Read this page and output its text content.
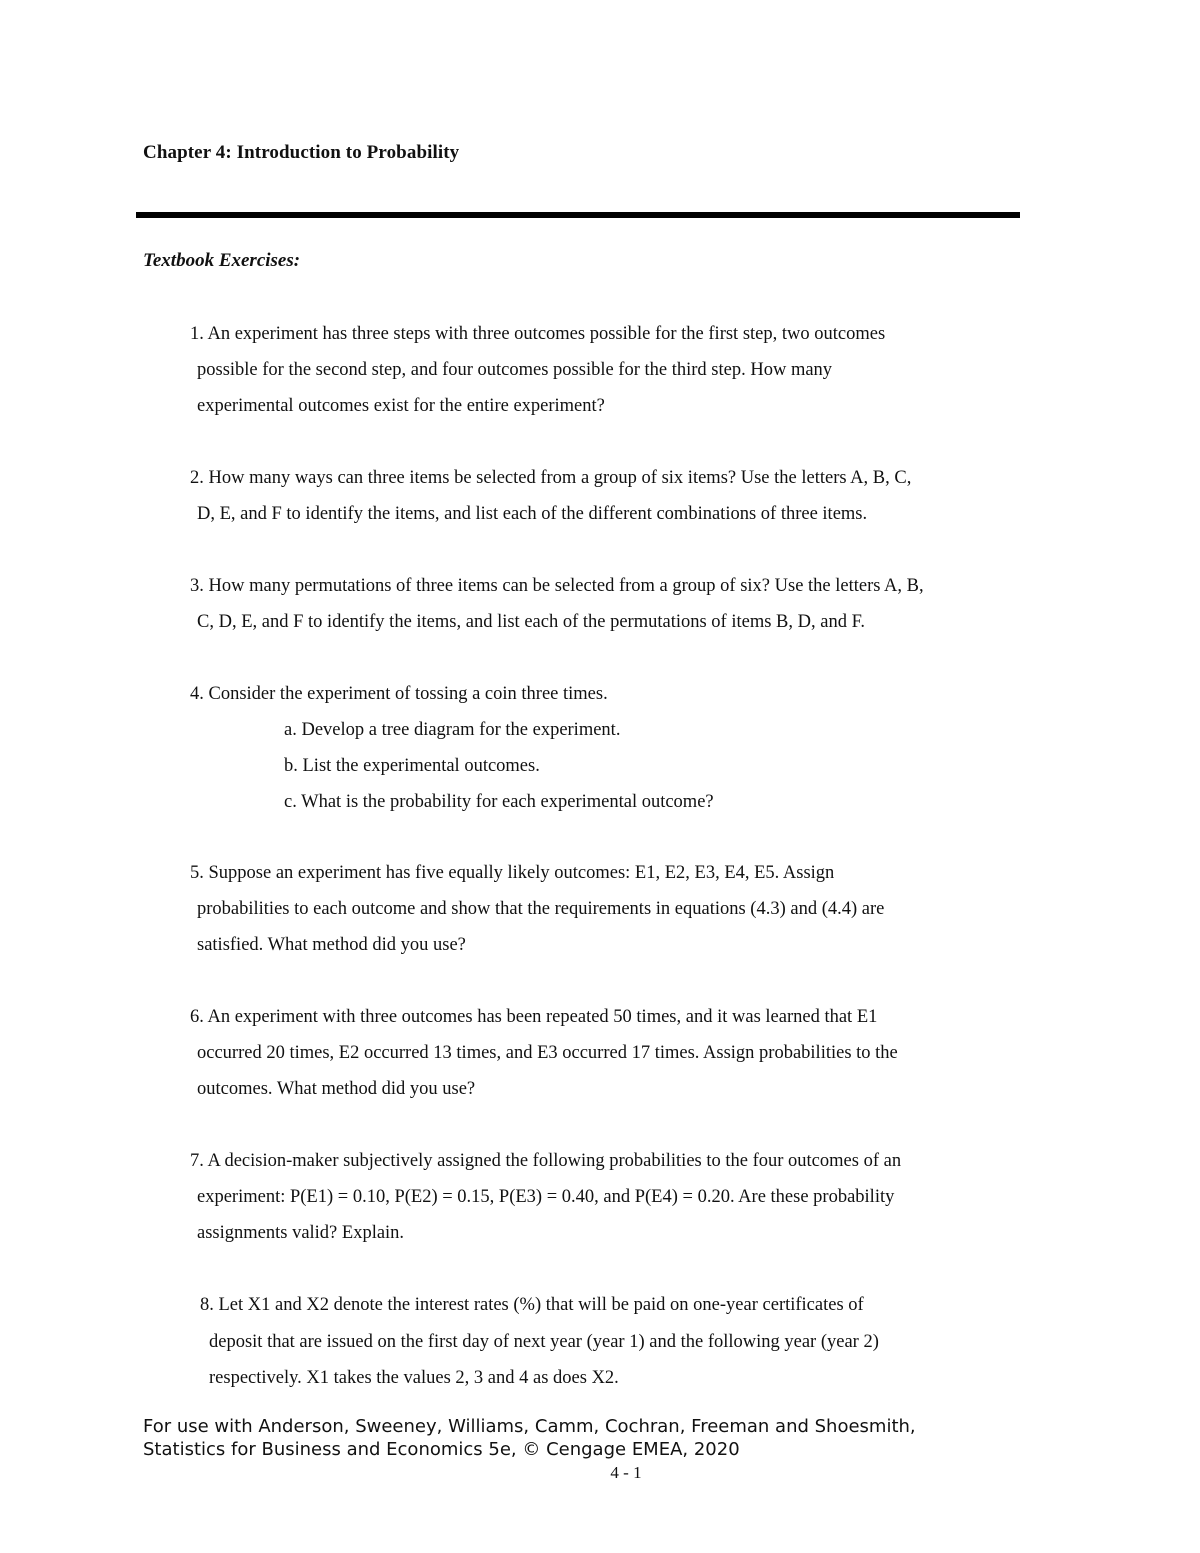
Chapter 4: Introduction to Probability
Textbook Exercises:
1. An experiment has three steps with three outcomes possible for the first step, two outcomes
possible for the second step, and four outcomes possible for the third step. How many
experimental outcomes exist for the entire experiment?
2. How many ways can three items be selected from a group of six items? Use the letters A, B, C,
D, E, and F to identify the items, and list each of the different combinations of three items.
3. How many permutations of three items can be selected from a group of six? Use the letters A, B,
C, D, E, and F to identify the items, and list each of the permutations of items B, D, and F.
4. Consider the experiment of tossing a coin three times.
a. Develop a tree diagram for the experiment.
b. List the experimental outcomes.
c. What is the probability for each experimental outcome?
5. Suppose an experiment has five equally likely outcomes: E1, E2, E3, E4, E5. Assign
probabilities to each outcome and show that the requirements in equations (4.3) and (4.4) are
satisfied. What method did you use?
6. An experiment with three outcomes has been repeated 50 times, and it was learned that E1
occurred 20 times, E2 occurred 13 times, and E3 occurred 17 times. Assign probabilities to the
outcomes. What method did you use?
7. A decision-maker subjectively assigned the following probabilities to the four outcomes of an
experiment: P(E1) = 0.10, P(E2) = 0.15, P(E3) = 0.40, and P(E4) = 0.20. Are these probability
assignments valid? Explain.
8. Let X1 and X2 denote the interest rates (%) that will be paid on one-year certificates of
deposit that are issued on the first day of next year (year 1) and the following year (year 2)
respectively. X1 takes the values 2, 3 and 4 as does X2.
For use with Anderson, Sweeney, Williams, Camm, Cochran, Freeman and Shoesmith,
Statistics for Business and Economics 5e, © Cengage EMEA, 2020
4 - 1
